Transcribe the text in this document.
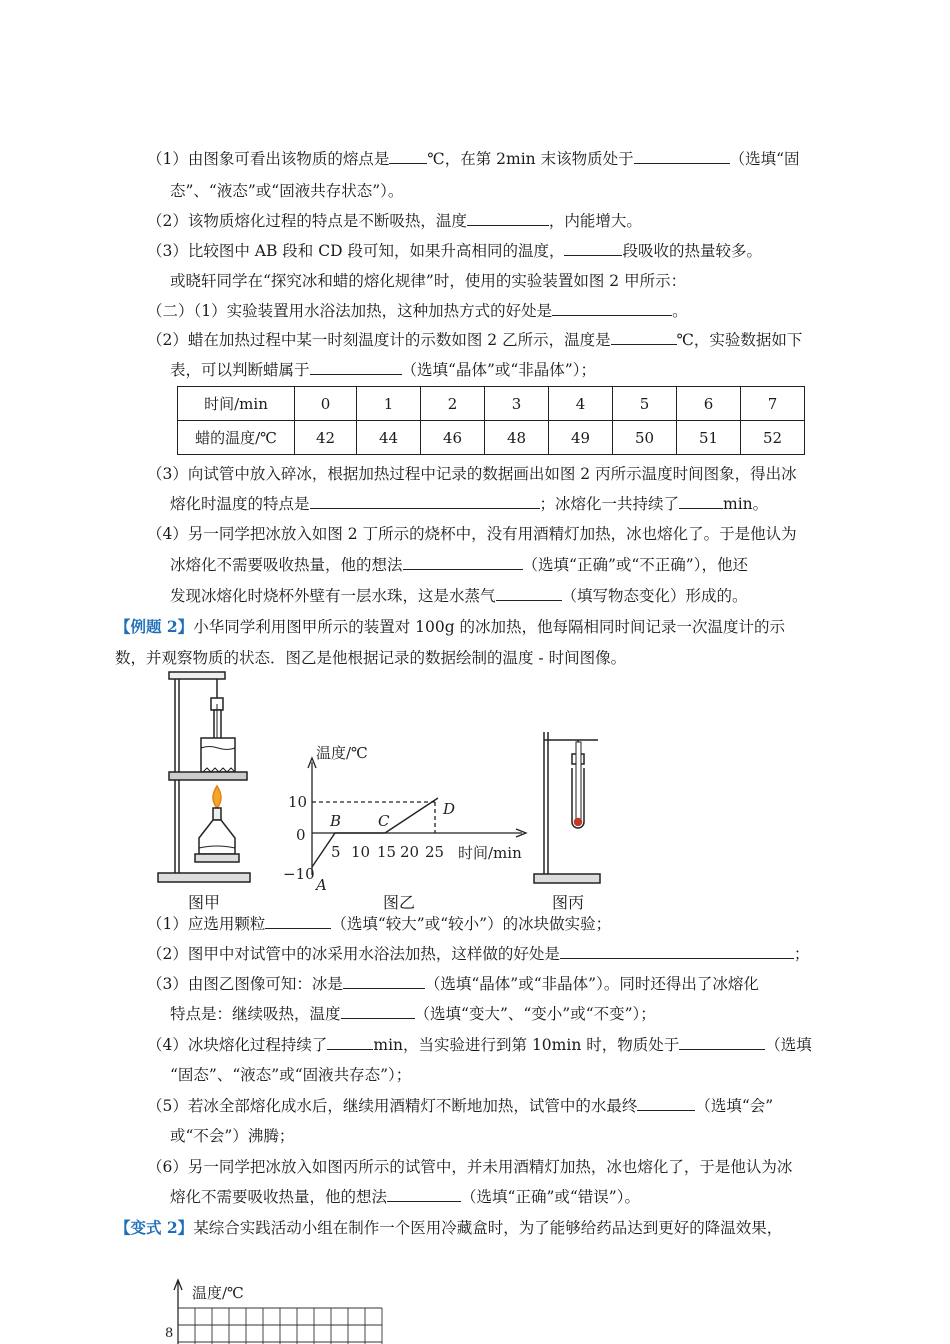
（1）由图象可看出该物质的熔点是 ℃，在第 2min 末该物质处于	（选填“固
态”、“液态”或“固液共存状态”）。
（2）该物质熔化过程的特点是不断吸热，温度	，内能增大。
（3）比较图中 AB 段和 CD 段可知，如果升高相同的温度，	段吸收的热量较多。
或晓轩同学在“探究冰和蜡的熔化规律”时，使用的实验装置如图 2 甲所示：
（二）（1）实验装置用水浴法加热，这种加热方式的好处是	。
（2）蜡在加热过程中某一时刻温度计的示数如图 2 乙所示，温度是	℃，实验数据如下
表，可以判断蜡属于	（选填“晶体”或“非晶体”）；
时间/min	0	1	2	3	4	5	6	7
蜡的温度/℃	42	44	46	48	49	50	51	52
（3）向试管中放入碎冰，根据加热过程中记录的数据画出如图 2 丙所示温度时间图象，得出冰
熔化时温度的特点是	；冰熔化一共持续了	min。
（4）另一同学把冰放入如图 2 丁所示的烧杯中，没有用酒精灯加热，冰也熔化了。于是他认为
冰熔化不需要吸收热量，他的想法	（选填“正确”或“不正确”），他还
发现冰熔化时烧杯外壁有一层水珠，这是水蒸气	（填写物态变化）形成的。
【例题 2】小华同学利用图甲所示的装置对 100g 的冰加热，他每隔相同时间记录一次温度计的示
数，并观察物质的状态．图乙是他根据记录的数据绘制的温度 - 时间图像。
温度/℃
时间/min
10
0
−10
5 10 15 20 25
A
B C
D
图甲	图乙	图丙
（1）应选用颗粒	（选填“较大”或“较小”）的冰块做实验；
（2）图甲中对试管中的冰采用水浴法加热，这样做的好处是	；
（3）由图乙图像可知：冰是	（选填“晶体”或“非晶体”）。同时还得出了冰熔化
特点是：继续吸热，温度	（选填“变大”、“变小”或“不变”）；
（4）冰块熔化过程持续了	min，当实验进行到第 10min 时，物质处于	（选填
“固态”、“液态”或“固液共存态”）；
（5）若冰全部熔化成水后，继续用酒精灯不断地加热，试管中的水最终	（选填“会”
或“不会”）沸腾；
（6）另一同学把冰放入如图丙所示的试管中，并未用酒精灯加热，冰也熔化了，于是他认为冰
熔化不需要吸收热量，他的想法	（选填“正确”或“错误”）。
【变式 2】某综合实践活动小组在制作一个医用冷藏盒时，为了能够给药品达到更好的降温效果，
温度/℃
8
